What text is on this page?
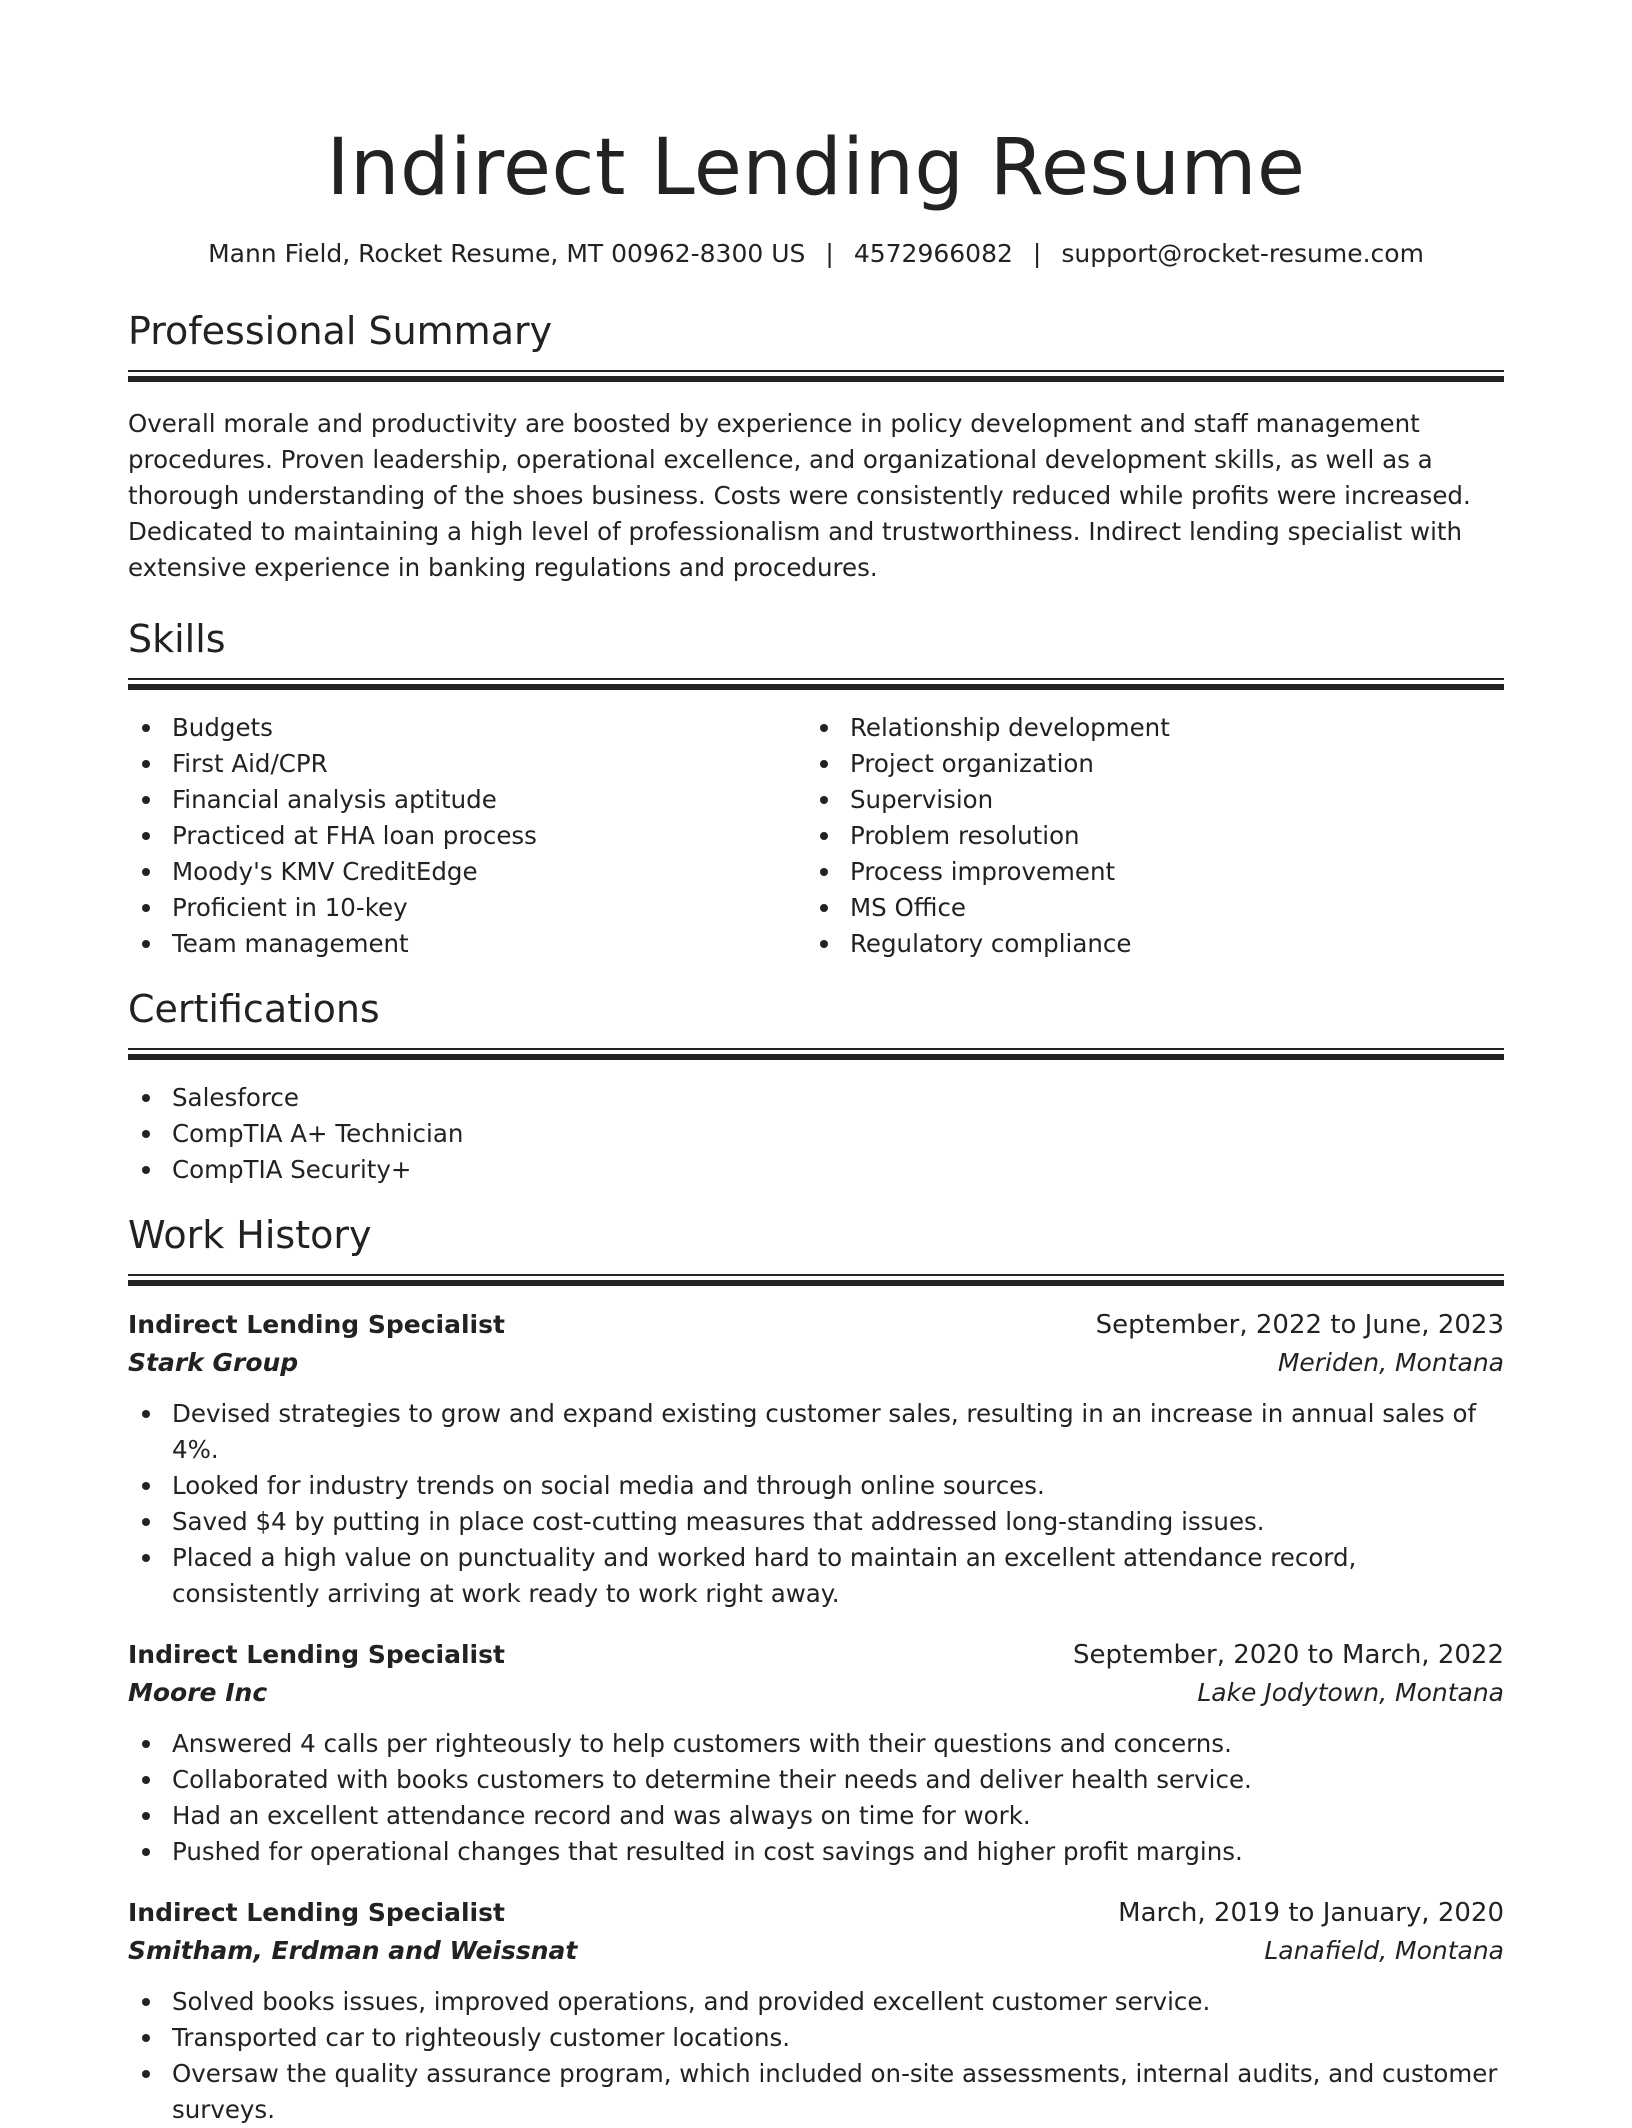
Indirect Lending Resume
Mann Field, Rocket Resume, MT 00962-8300 US | 4572966082 | support@rocket-resume.com
Professional Summary

Overall morale and productivity are boosted by experience in policy development and staff management procedures. Proven leadership, operational excellence, and organizational development skills, as well as a thorough understanding of the shoes business. Costs were consistently reduced while profits were increased. Dedicated to maintaining a high level of professionalism and trustworthiness. Indirect lending specialist with extensive experience in banking regulations and procedures.

Skills
Budgets
First Aid/CPR
Financial analysis aptitude
Practiced at FHA loan process
Moody's KMV CreditEdge
Proficient in 10-key
Team management
Relationship development
Project organization
Supervision
Problem resolution
Process improvement
MS Office
Regulatory compliance
Certifications
Salesforce
CompTIA A+ Technician
CompTIA Security+
Work History
Indirect Lending Specialist	September, 2022 to June, 2023
Stark Group	Meriden, Montana
Devised strategies to grow and expand existing customer sales, resulting in an increase in annual sales of 4%.
Looked for industry trends on social media and through online sources.
Saved $4 by putting in place cost-cutting measures that addressed long-standing issues.
Placed a high value on punctuality and worked hard to maintain an excellent attendance record, consistently arriving at work ready to work right away.
Indirect Lending Specialist	September, 2020 to March, 2022
Moore Inc	Lake Jodytown, Montana
Answered 4 calls per righteously to help customers with their questions and concerns.
Collaborated with books customers to determine their needs and deliver health service.
Had an excellent attendance record and was always on time for work.
Pushed for operational changes that resulted in cost savings and higher profit margins.
Indirect Lending Specialist	March, 2019 to January, 2020
Smitham, Erdman and Weissnat	Lanafield, Montana
Solved books issues, improved operations, and provided excellent customer service.
Transported car to righteously customer locations.
Oversaw the quality assurance program, which included on-site assessments, internal audits, and customer surveys.
